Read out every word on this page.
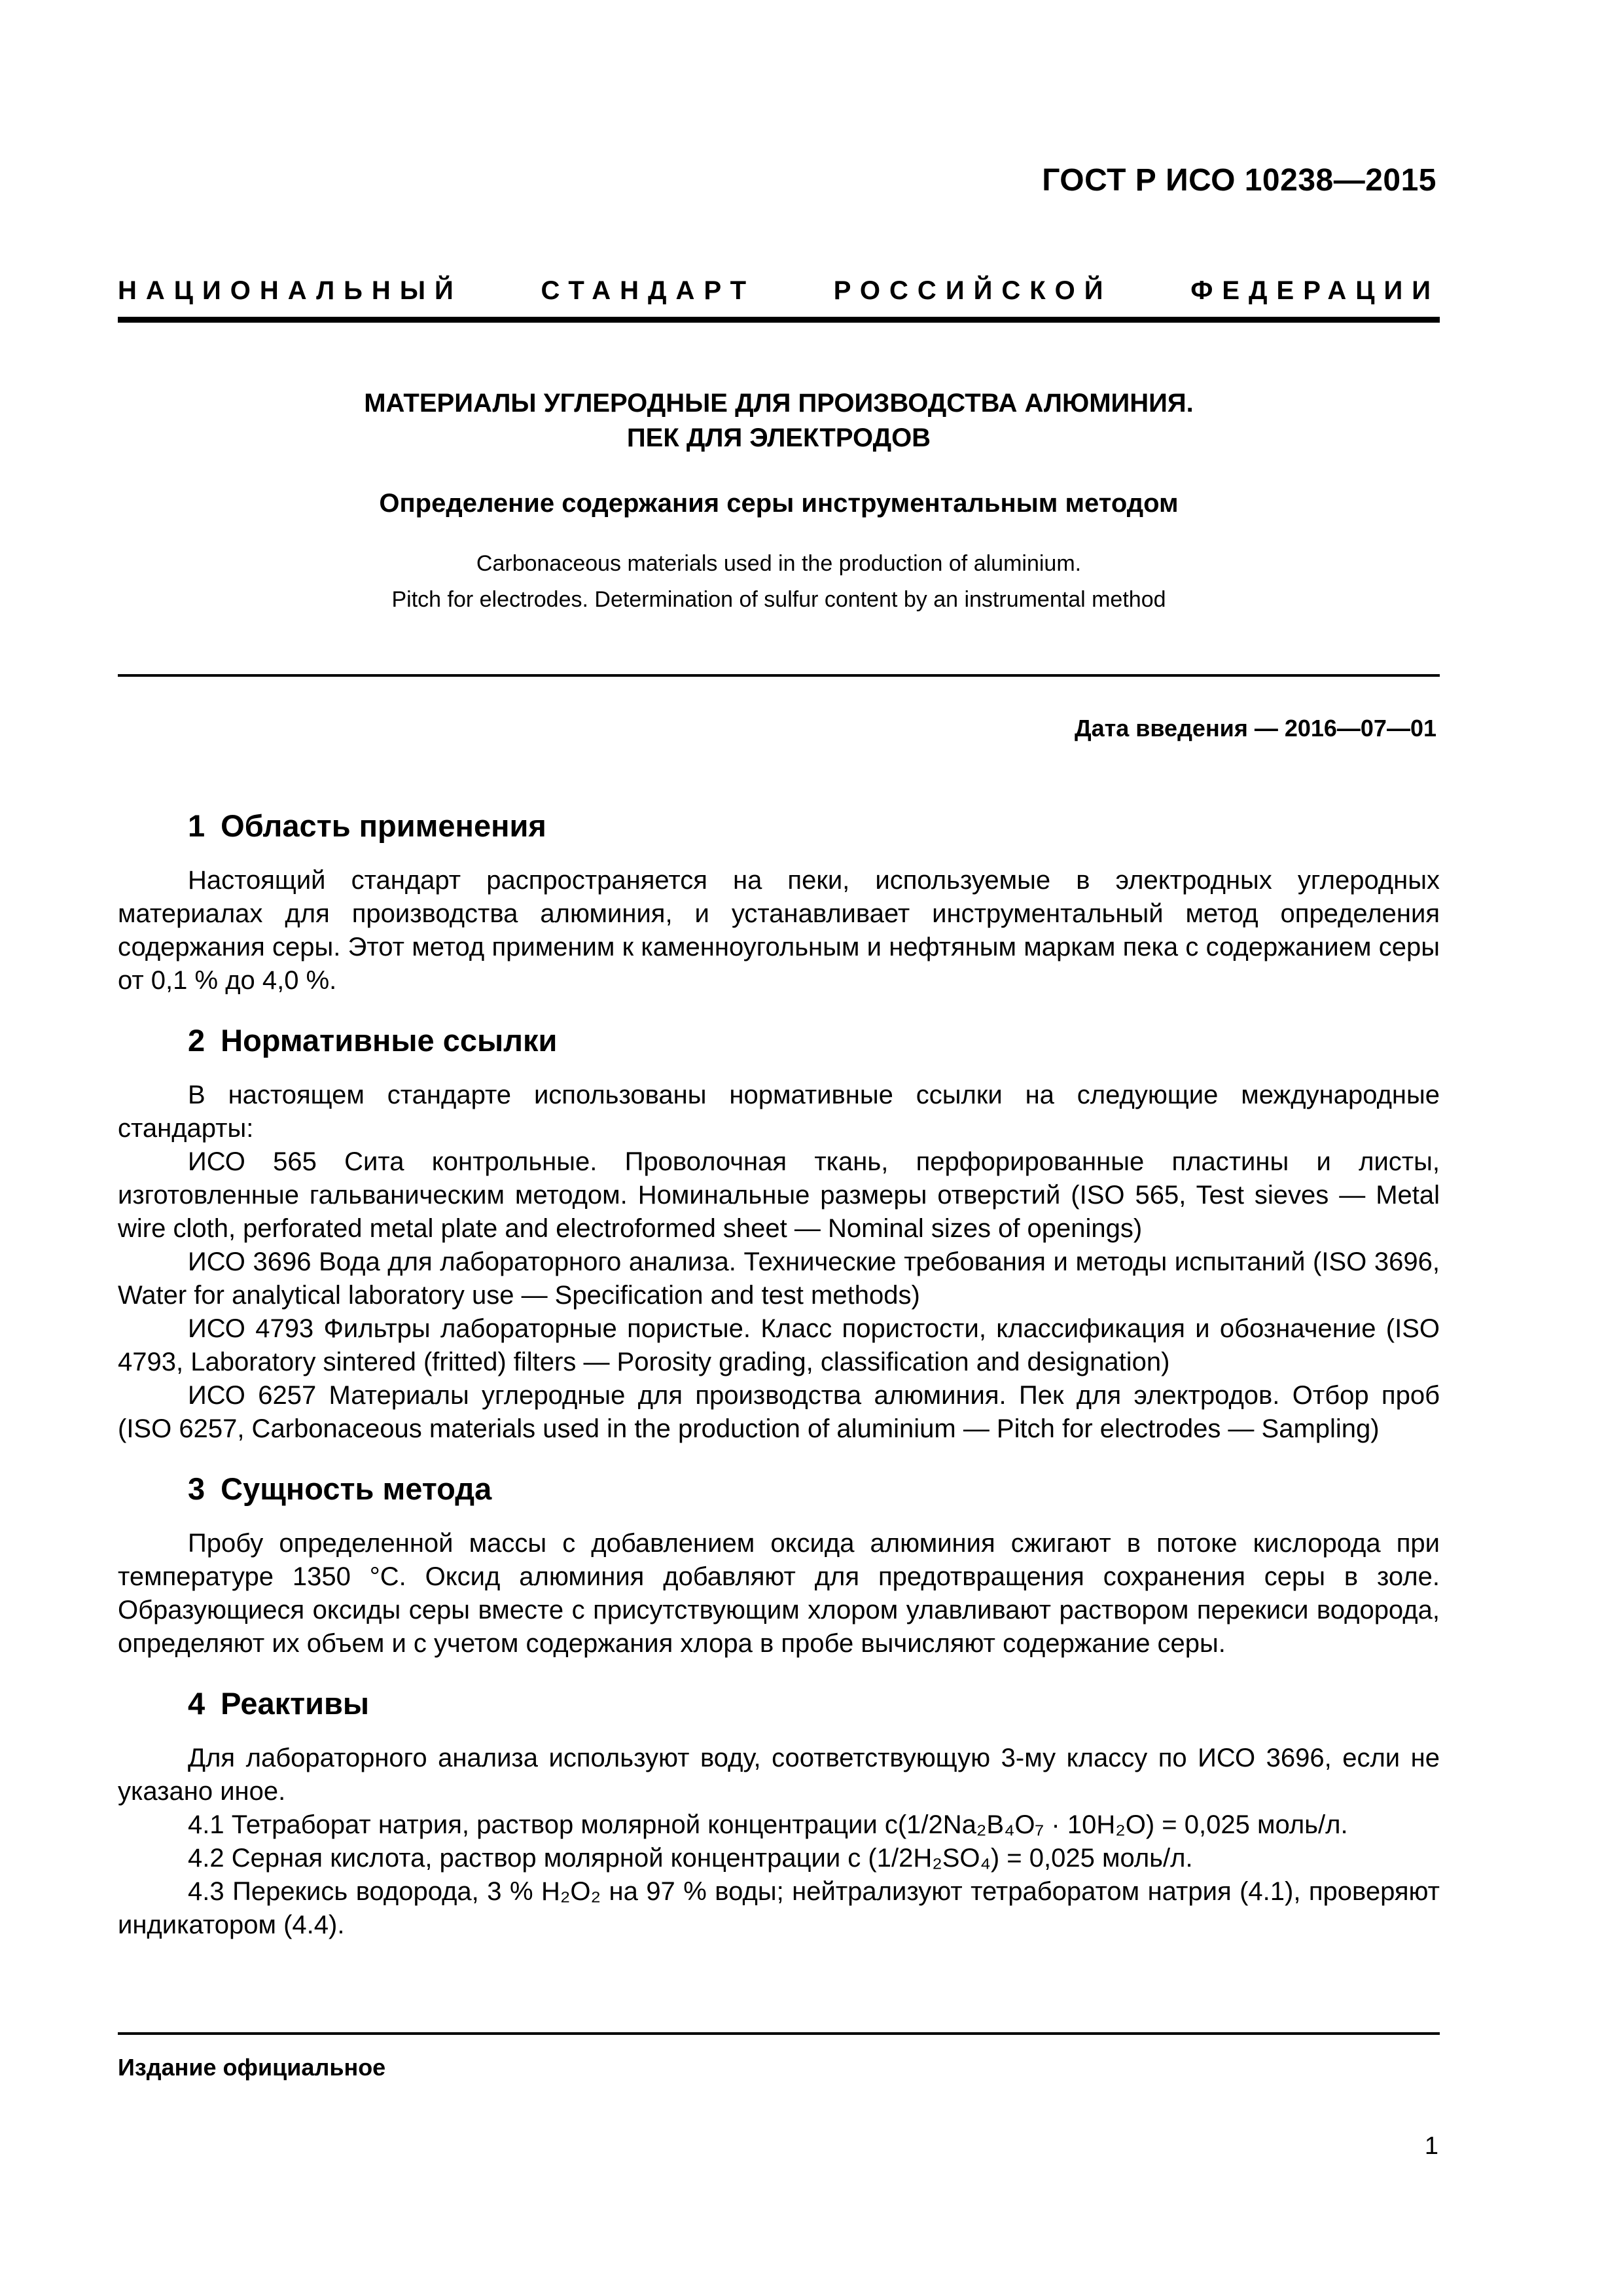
ГОСТ Р ИСО 10238—2015
НАЦИОНАЛЬНЫЙ СТАНДАРТ РОССИЙСКОЙ ФЕДЕРАЦИИ
МАТЕРИАЛЫ УГЛЕРОДНЫЕ ДЛЯ ПРОИЗВОДСТВА АЛЮМИНИЯ.
ПЕК ДЛЯ ЭЛЕКТРОДОВ
Определение содержания серы инструментальным методом
Carbonaceous materials used in the production of aluminium.
Pitch for electrodes. Determination of sulfur content by an instrumental method
Дата введения — 2016—07—01
1 Область применения

Настоящий стандарт распространяется на пеки, используемые в электродных углеродных материалах для производства алюминия, и устанавливает инструментальный метод определения содержания серы. Этот метод применим к каменноугольным и нефтяным маркам пека с содержанием серы от 0,1 % до 4,0 %.

2 Нормативные ссылки

В настоящем стандарте использованы нормативные ссылки на следующие международные стандарты:

ИСО 565 Сита контрольные. Проволочная ткань, перфорированные пластины и листы, изготовленные гальваническим методом. Номинальные размеры отверстий (ISO 565, Test sieves — Metal wire cloth, perforated metal plate and electroformed sheet — Nominal sizes of openings)

ИСО 3696 Вода для лабораторного анализа. Технические требования и методы испытаний (ISO 3696, Water for analytical laboratory use — Specification and test methods)

ИСО 4793 Фильтры лабораторные пористые. Класс пористости, классификация и обозначение (ISO 4793, Laboratory sintered (fritted) filters — Porosity grading, classification and designation)

ИСО 6257 Материалы углеродные для производства алюминия. Пек для электродов. Отбор проб (ISO 6257, Carbonaceous materials used in the production of aluminium — Pitch for electrodes — Sampling)

3 Сущность метода

Пробу определенной массы с добавлением оксида алюминия сжигают в потоке кислорода при температуре 1350 °С. Оксид алюминия добавляют для предотвращения сохранения серы в золе. Образующиеся оксиды серы вместе с присутствующим хлором улавливают раствором перекиси водорода, определяют их объем и с учетом содержания хлора в пробе вычисляют содержание серы.

4 Реактивы

Для лабораторного анализа используют воду, соответствующую 3-му классу по ИСО 3696, если не указано иное.

4.1 Тетраборат натрия, раствор молярной концентрации c(1/2Na₂B₄O₇ · 10H₂O) = 0,025 моль/л.

4.2 Серная кислота, раствор молярной концентрации c (1/2H₂SO₄) = 0,025 моль/л.

4.3 Перекись водорода, 3 % H₂O₂ на 97 % воды; нейтрализуют тетраборатом натрия (4.1), проверяют индикатором (4.4).

Издание официальное
1
